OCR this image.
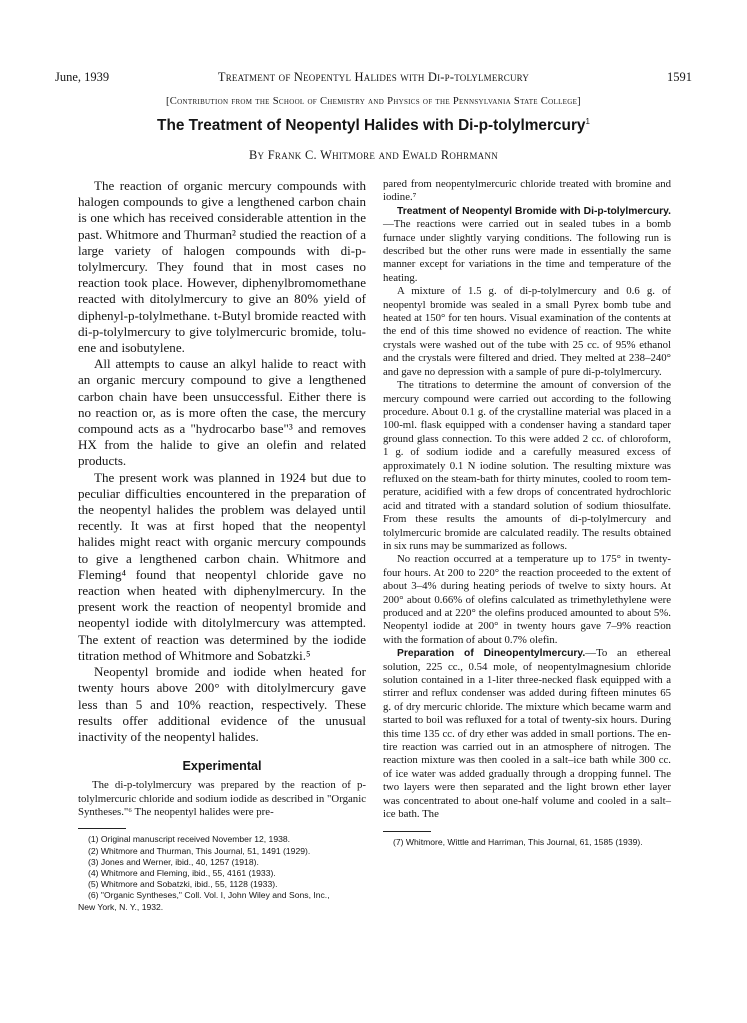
June, 1939	Treatment of Neopentyl Halides with Di-p-tolylmercury	1591
[Contribution from the School of Chemistry and Physics of the Pennsylvania State College]
The Treatment of Neopentyl Halides with Di-p-tolylmercury$^1$
By Frank C. Whitmore and Ewald Rohrmann

The reaction of organic mercury compounds with halogen compounds to give a lengthened carbon chain is one which has received considerable attention in the past. Whitmore and Thurman² studied the reaction of a large variety of halogen compounds with di-p-tolylmercury. They found that in most cases no reaction took place. However, diphenylbromomethane reacted with ditolylmercury to give an 80% yield of diphenyl-p-tolylmethane. t-Butyl bromide reacted with di-p-tolylmercury to give tolylmercuric bromide, toluene and isobutylene.

All attempts to cause an alkyl halide to react with an organic mercury compound to give a lengthened carbon chain have been unsuccessful. Either there is no reaction or, as is more often the case, the mercury compound acts as a "hydrocarbo base"³ and removes HX from the halide to give an olefin and related products.

The present work was planned in 1924 but due to peculiar difficulties encountered in the preparation of the neopentyl halides the problem was delayed until recently. It was at first hoped that the neopentyl halides might react with organic mercury compounds to give a lengthened carbon chain. Whitmore and Fleming⁴ found that neopentyl chloride gave no reaction when heated with diphenylmercury. In the present work the reaction of neopentyl bromide and neopentyl iodide with ditolylmercury was attempted. The extent of reaction was determined by the iodide titration method of Whitmore and Sobatzki.⁵

Neopentyl bromide and iodide when heated for twenty hours above 200° with ditolylmercury gave less than 5 and 10% reaction, respectively. These results offer additional evidence of the unusual inactivity of the neopentyl halides.

Experimental

The di-p-tolylmercury was prepared by the reaction of p-tolylmercuric chloride and sodium iodide as described in "Organic Syntheses."⁶ The neopentyl halides were pre-

(1) Original manuscript received November 12, 1938.
(2) Whitmore and Thurman, This Journal, 51, 1491 (1929).
(3) Jones and Werner, ibid., 40, 1257 (1918).
(4) Whitmore and Fleming, ibid., 55, 4161 (1933).
(5) Whitmore and Sobatzki, ibid., 55, 1128 (1933).
(6) "Organic Syntheses," Coll. Vol. I, John Wiley and Sons, Inc.,
New York, N. Y., 1932.

pared from neopentylmercuric chloride treated with bromine and iodine.⁷

Treatment of Neopentyl Bromide with Di-p-tolylmercury.—The reactions were carried out in sealed tubes in a bomb furnace under slightly varying conditions. The following run is described but the other runs were made in essentially the same manner except for variations in the time and temperature of the heating.

A mixture of 1.5 g. of di-p-tolylmercury and 0.6 g. of neopentyl bromide was sealed in a small Pyrex bomb tube and heated at 150° for ten hours. Visual examination of the contents at the end of this time showed no evidence of reaction. The white crystals were washed out of the tube with 25 cc. of 95% ethanol and the crystals were filtered and dried. They melted at 238–240° and gave no depression with a sample of pure di-p-tolylmercury.

The titrations to determine the amount of conversion of the mercury compound were carried out according to the following procedure. About 0.1 g. of the crystalline material was placed in a 100-ml. flask equipped with a condenser having a standard taper ground glass connection. To this were added 2 cc. of chloroform, 1 g. of sodium iodide and a carefully measured excess of approximately 0.1 N iodine solution. The resulting mixture was refluxed on the steam-bath for thirty minutes, cooled to room temperature, acidified with a few drops of concentrated hydrochloric acid and titrated with a standard solution of sodium thiosulfate. From these results the amounts of di-p-tolylmercury and tolylmercuric bromide are calculated readily. The results obtained in six runs may be summarized as follows.

No reaction occurred at a temperature up to 175° in twenty-four hours. At 200 to 220° the reaction proceeded to the extent of about 3–4% during heating periods of twelve to sixty hours. At 200° about 0.66% of olefins calculated as trimethylethylene were produced and at 220° the olefins produced amounted to about 5%. Neopentyl iodide at 200° in twenty hours gave 7–9% reaction with the formation of about 0.7% olefin.

Preparation of Dineopentylmercury.—To an ethereal solution, 225 cc., 0.54 mole, of neopentylmagnesium chloride solution contained in a 1-liter three-necked flask equipped with a stirrer and reflux condenser was added during fifteen minutes 65 g. of dry mercuric chloride. The mixture which became warm and started to boil was refluxed for a total of twenty-six hours. During this time 135 cc. of dry ether was added in small portions. The entire reaction was carried out in an atmosphere of nitrogen. The reaction mixture was then cooled in a salt–ice bath while 300 cc. of ice water was added gradually through a dropping funnel. The two layers were then separated and the light brown ether layer was concentrated to about one-half volume and cooled in a salt–ice bath. The

(7) Whitmore, Wittle and Harriman, This Journal, 61, 1585 (1939).
